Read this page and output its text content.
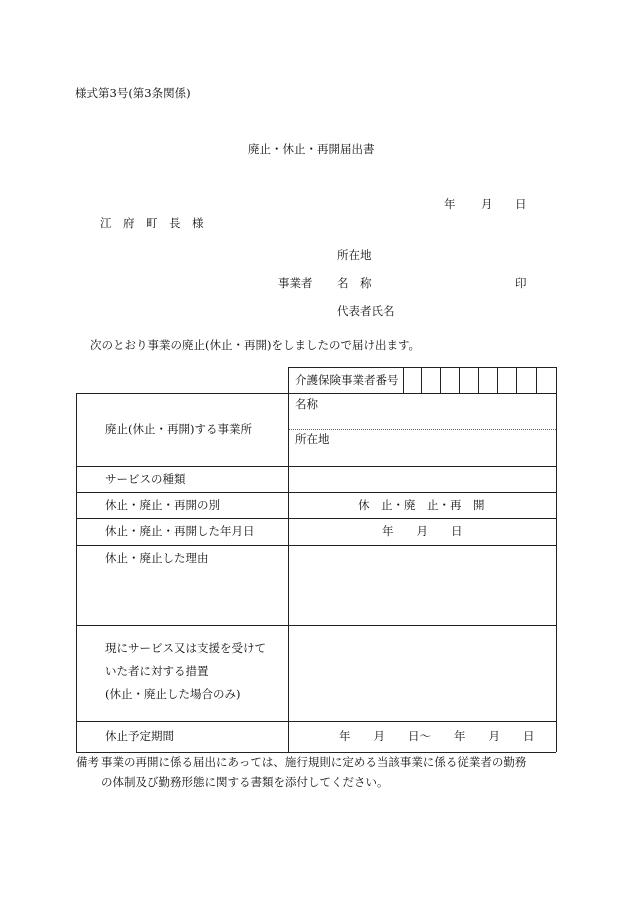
様式第3号(第3条関係)
廃止・休止・再開届出書
年 月 日
江　府　町　長　様
所在地
事業者 名　称	印
代表者氏名
次のとおり事業の廃止(休止・再開)をしましたので届け出ます。
介護保険事業者番号
廃止(休止・再開)する事業所
名称
所在地
サービスの種類
休止・廃止・再開の別	休　止・廃　止・再　開
休止・廃止・再開した年月日	年　　月　　日
休止・廃止した理由
現にサービス又は支援を受けて
いた者に対する措置
(休止・廃止した場合のみ)
休止予定期間	年　　月　　日～　　年　　月　　日
備考 事業の再開に係る届出にあっては、施行規則に定める当該事業に係る従業者の勤務
の体制及び勤務形態に関する書類を添付してください。
